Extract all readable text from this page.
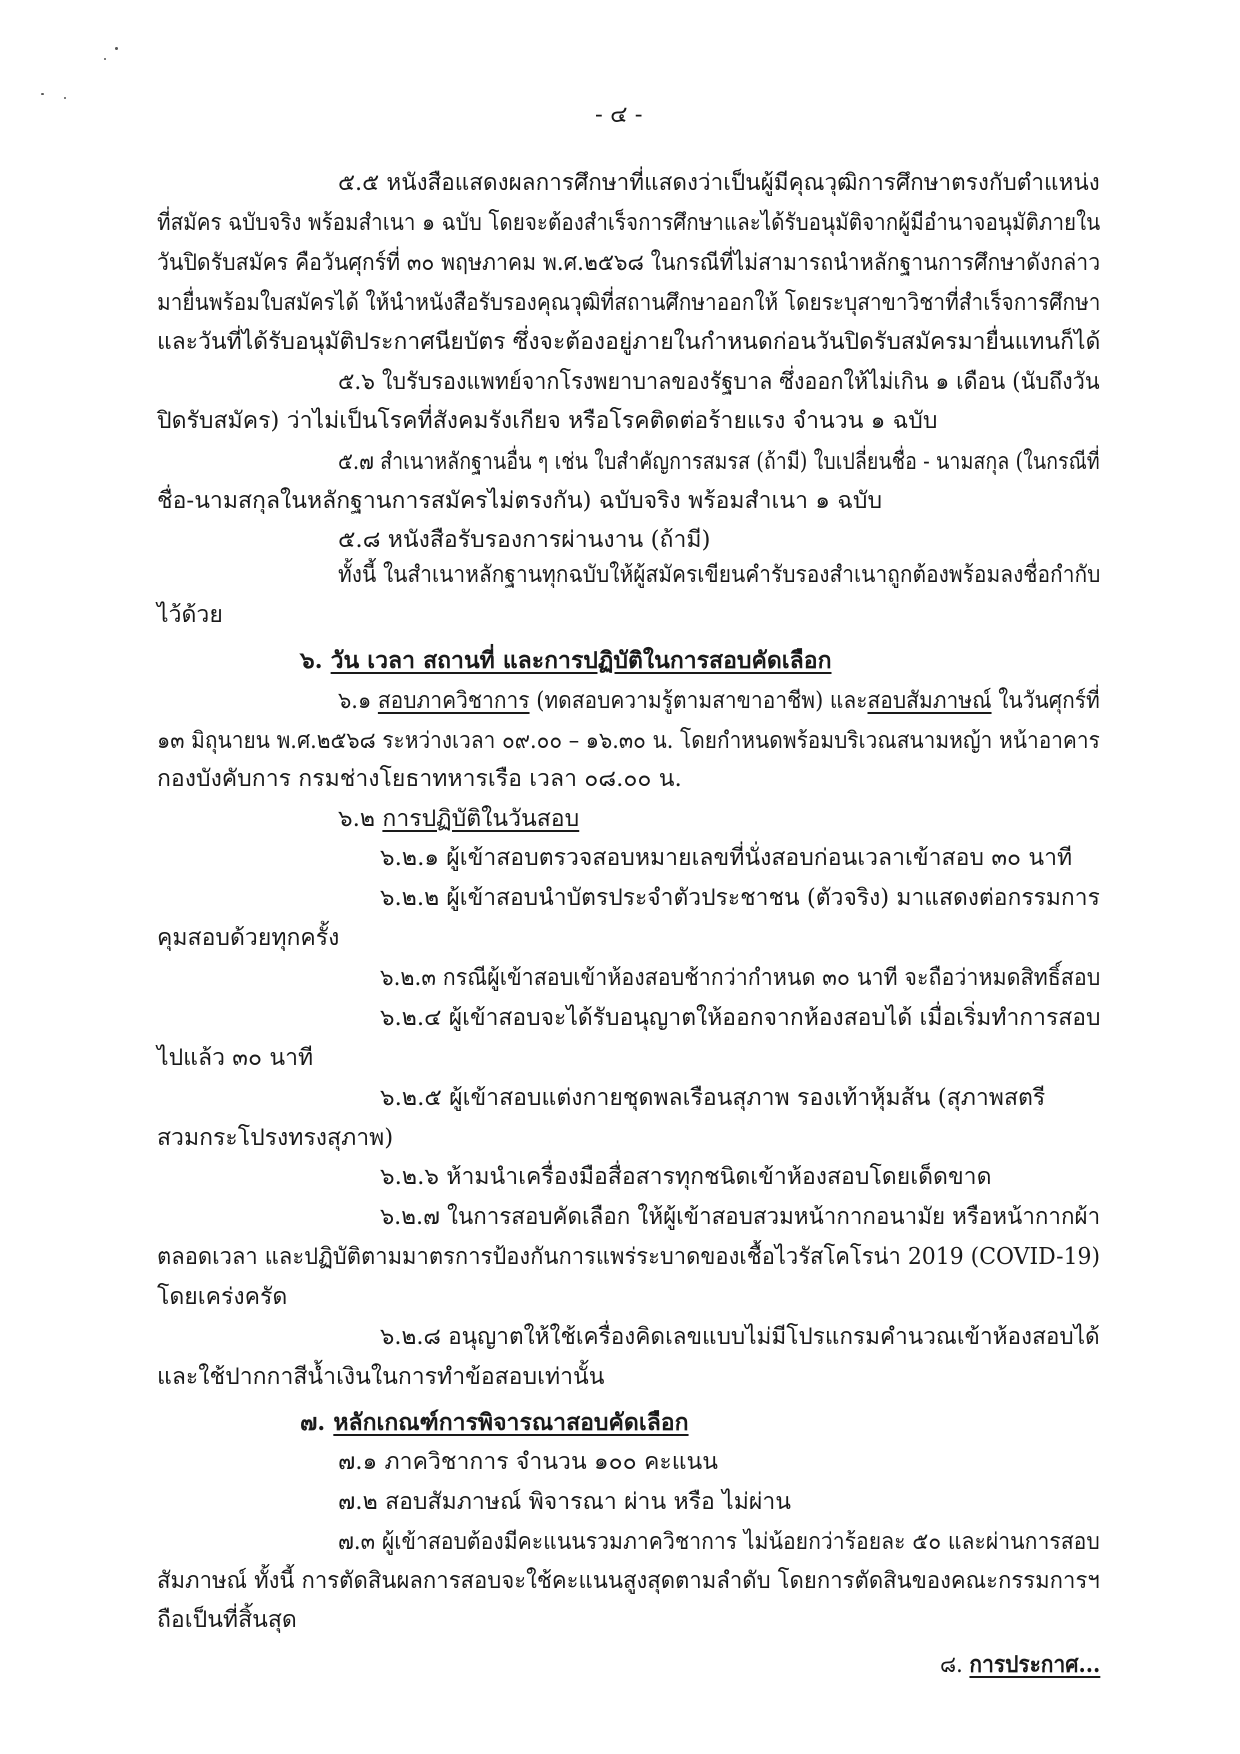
- ๔ -
๕.๕ หนังสือแสดงผลการศึกษาที่แสดงว่าเป็นผู้มีคุณวุฒิการศึกษาตรงกับตำแหน่ง
ที่สมัคร ฉบับจริง พร้อมสำเนา ๑ ฉบับ โดยจะต้องสำเร็จการศึกษาและได้รับอนุมัติจากผู้มีอำนาจอนุมัติภายใน
วันปิดรับสมัคร คือวันศุกร์ที่ ๓๐ พฤษภาคม พ.ศ.๒๕๖๘ ในกรณีที่ไม่สามารถนำหลักฐานการศึกษาดังกล่าว
มายื่นพร้อมใบสมัครได้ ให้นำหนังสือรับรองคุณวุฒิที่สถานศึกษาออกให้ โดยระบุสาขาวิชาที่สำเร็จการศึกษา
และวันที่ได้รับอนุมัติประกาศนียบัตร ซึ่งจะต้องอยู่ภายในกำหนดก่อนวันปิดรับสมัครมายื่นแทนก็ได้
๕.๖ ใบรับรองแพทย์จากโรงพยาบาลของรัฐบาล ซึ่งออกให้ไม่เกิน ๑ เดือน (นับถึงวัน
ปิดรับสมัคร) ว่าไม่เป็นโรคที่สังคมรังเกียจ หรือโรคติดต่อร้ายแรง จำนวน ๑ ฉบับ
๕.๗ สำเนาหลักฐานอื่น ๆ เช่น ใบสำคัญการสมรส (ถ้ามี) ใบเปลี่ยนชื่อ - นามสกุล (ในกรณีที่
ชื่อ-นามสกุลในหลักฐานการสมัครไม่ตรงกัน) ฉบับจริง พร้อมสำเนา ๑ ฉบับ
๕.๘ หนังสือรับรองการผ่านงาน (ถ้ามี)
ทั้งนี้ ในสำเนาหลักฐานทุกฉบับให้ผู้สมัครเขียนคำรับรองสำเนาถูกต้องพร้อมลงชื่อกำกับ
ไว้ด้วย
๖. วัน เวลา สถานที่ และการปฏิบัติในการสอบคัดเลือก
๖.๑ สอบภาควิชาการ (ทดสอบความรู้ตามสาขาอาชีพ) และสอบสัมภาษณ์ ในวันศุกร์ที่
๑๓ มิถุนายน พ.ศ.๒๕๖๘ ระหว่างเวลา ๐๙.๐๐ – ๑๖.๓๐ น. โดยกำหนดพร้อมบริเวณสนามหญ้า หน้าอาคาร
กองบังคับการ กรมช่างโยธาทหารเรือ เวลา ๐๘.๐๐ น.
๖.๒ การปฏิบัติในวันสอบ
๖.๒.๑ ผู้เข้าสอบตรวจสอบหมายเลขที่นั่งสอบก่อนเวลาเข้าสอบ ๓๐ นาที
๖.๒.๒ ผู้เข้าสอบนำบัตรประจำตัวประชาชน (ตัวจริง) มาแสดงต่อกรรมการ
คุมสอบด้วยทุกครั้ง
๖.๒.๓ กรณีผู้เข้าสอบเข้าห้องสอบช้ากว่ากำหนด ๓๐ นาที จะถือว่าหมดสิทธิ์สอบ
๖.๒.๔ ผู้เข้าสอบจะได้รับอนุญาตให้ออกจากห้องสอบได้ เมื่อเริ่มทำการสอบ
ไปแล้ว ๓๐ นาที
๖.๒.๕ ผู้เข้าสอบแต่งกายชุดพลเรือนสุภาพ รองเท้าหุ้มส้น (สุภาพสตรี
สวมกระโปรงทรงสุภาพ)
๖.๒.๖ ห้ามนำเครื่องมือสื่อสารทุกชนิดเข้าห้องสอบโดยเด็ดขาด
๖.๒.๗ ในการสอบคัดเลือก ให้ผู้เข้าสอบสวมหน้ากากอนามัย หรือหน้ากากผ้า
ตลอดเวลา และปฏิบัติตามมาตรการป้องกันการแพร่ระบาดของเชื้อไวรัสโคโรน่า 2019 (COVID-19)
โดยเคร่งครัด
๖.๒.๘ อนุญาตให้ใช้เครื่องคิดเลขแบบไม่มีโปรแกรมคำนวณเข้าห้องสอบได้
และใช้ปากกาสีน้ำเงินในการทำข้อสอบเท่านั้น
๗. หลักเกณฑ์การพิจารณาสอบคัดเลือก
๗.๑ ภาควิชาการ จำนวน ๑๐๐ คะแนน
๗.๒ สอบสัมภาษณ์ พิจารณา ผ่าน หรือ ไม่ผ่าน
๗.๓ ผู้เข้าสอบต้องมีคะแนนรวมภาควิชาการ ไม่น้อยกว่าร้อยละ ๕๐ และผ่านการสอบ
สัมภาษณ์ ทั้งนี้ การตัดสินผลการสอบจะใช้คะแนนสูงสุดตามลำดับ โดยการตัดสินของคณะกรรมการฯ
ถือเป็นที่สิ้นสุด
๘. การประกาศ...
